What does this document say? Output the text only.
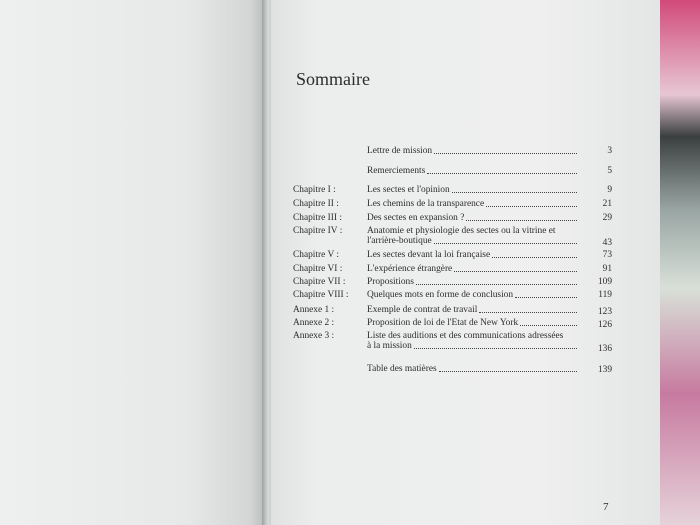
Sommaire
Lettre de mission	3
Remerciements	5
Chapitre I :	Les sectes et l'opinion	9
Chapitre II :	Les chemins de la transparence	21
Chapitre III :	Des sectes en expansion ?	29
Chapitre IV :	Anatomie et physiologie des sectes ou la vitrine et
l'arrière-boutique	43
Chapitre V :	Les sectes devant la loi française	73
Chapitre VI :	L'expérience étrangère	91
Chapitre VII : Propositions	109
Chapitre VIII : Quelques mots en forme de conclusion	119
Annexe 1 :	Exemple de contrat de travail	123
Annexe 2 :	Proposition de loi de l'Etat de New York	126
Annexe 3 :	Liste des auditions et des communications adressées
à la mission	136
Table des matières	139
7
